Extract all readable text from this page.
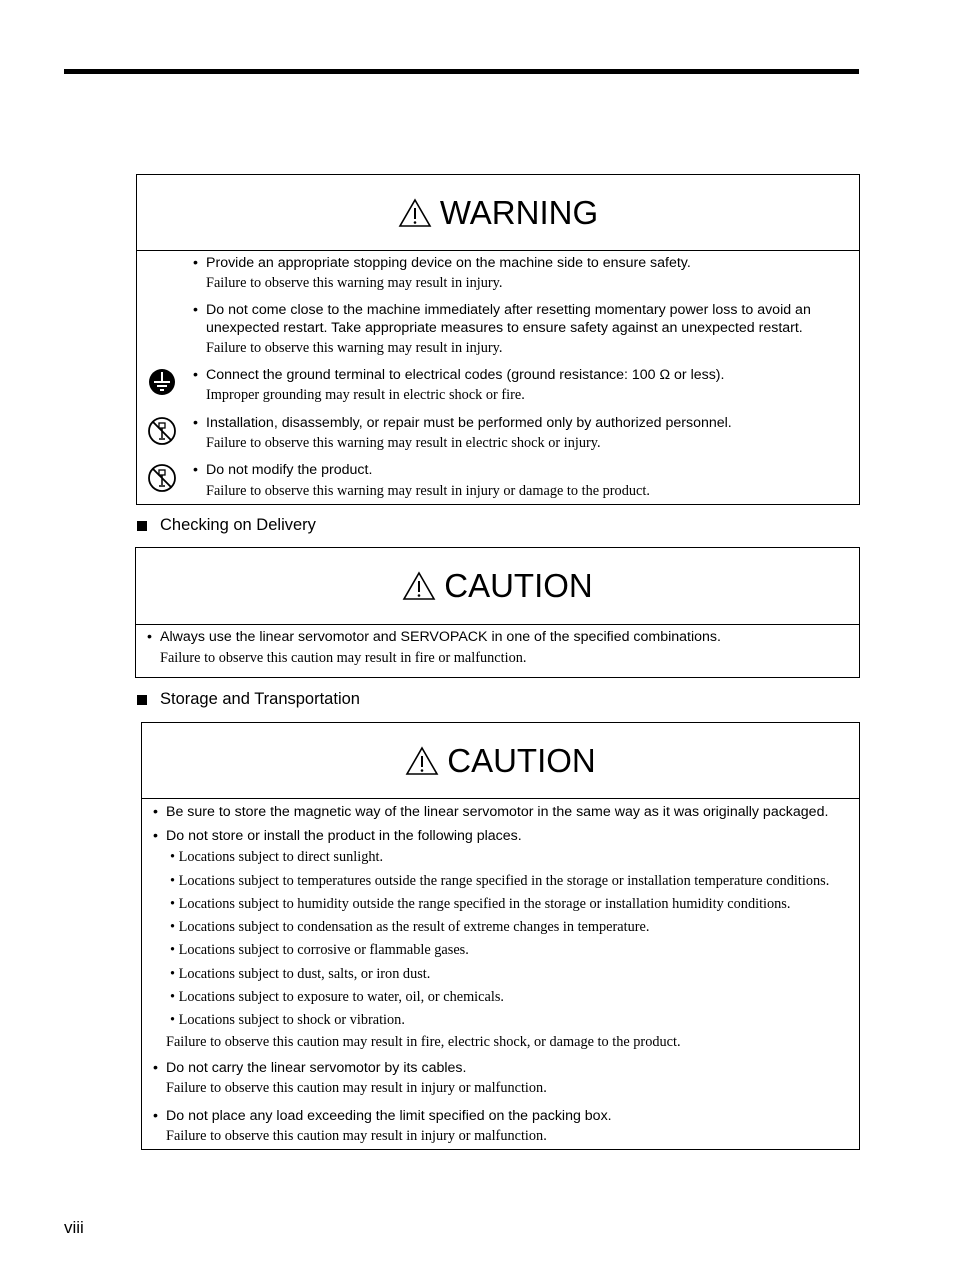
WARNING
• Provide an appropriate stopping device on the machine side to ensure safety.
Failure to observe this warning may result in injury.
• Do not come close to the machine immediately after resetting momentary power loss to avoid an
unexpected restart. Take appropriate measures to ensure safety against an unexpected restart.
Failure to observe this warning may result in injury.
• Connect the ground terminal to electrical codes (ground resistance: 100 Ω or less).
Improper grounding may result in electric shock or fire.
• Installation, disassembly, or repair must be performed only by authorized personnel.
Failure to observe this warning may result in electric shock or injury.
• Do not modify the product.
Failure to observe this warning may result in injury or damage to the product.
Checking on Delivery
CAUTION
• Always use the linear servomotor and SERVOPACK in one of the specified combinations.
Failure to observe this caution may result in fire or malfunction.
Storage and Transportation
CAUTION
• Be sure to store the magnetic way of the linear servomotor in the same way as it was originally packaged.
• Do not store or install the product in the following places.
• Locations subject to direct sunlight.
• Locations subject to temperatures outside the range specified in the storage or installation temperature conditions.
• Locations subject to humidity outside the range specified in the storage or installation humidity conditions.
• Locations subject to condensation as the result of extreme changes in temperature.
• Locations subject to corrosive or flammable gases.
• Locations subject to dust, salts, or iron dust.
• Locations subject to exposure to water, oil, or chemicals.
• Locations subject to shock or vibration.
Failure to observe this caution may result in fire, electric shock, or damage to the product.
• Do not carry the linear servomotor by its cables.
Failure to observe this caution may result in injury or malfunction.
• Do not place any load exceeding the limit specified on the packing box.
Failure to observe this caution may result in injury or malfunction.
viii
